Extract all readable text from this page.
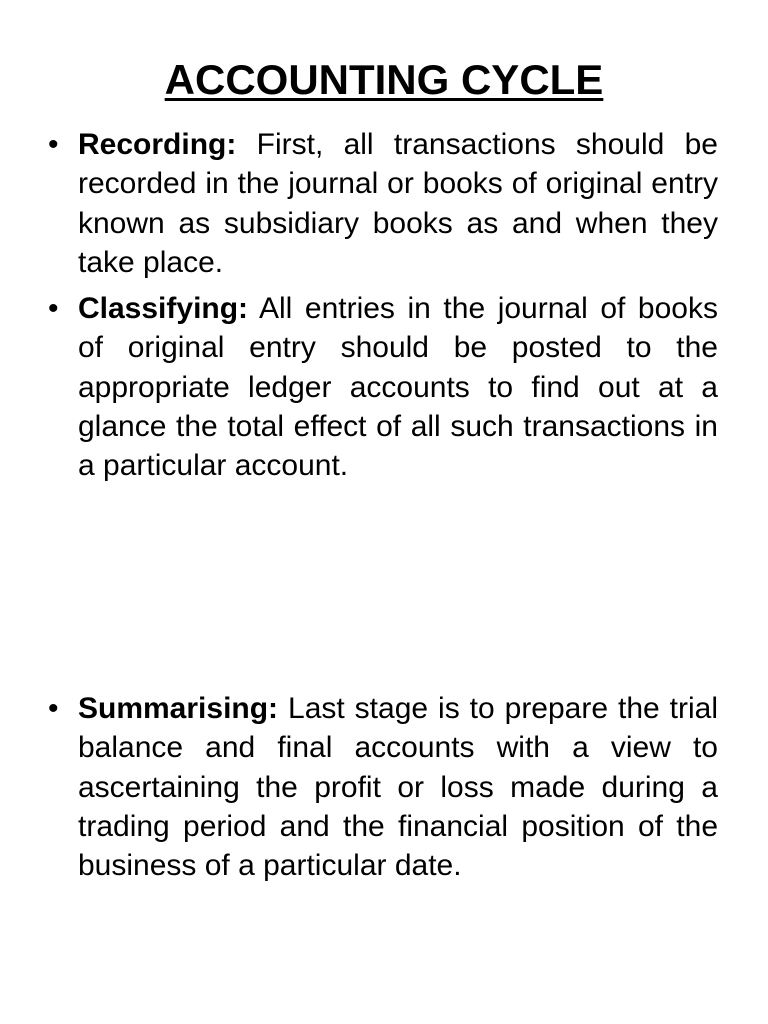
ACCOUNTING CYCLE
• Recording: First, all transactions should be recorded in the journal or books of original entry known as subsidiary books as and when they take place.
• Classifying: All entries in the journal of books of original entry should be posted to the appropriate ledger accounts to find out at a glance the total effect of all such transactions in a particular account.
• Summarising: Last stage is to prepare the trial balance and final accounts with a view to ascertaining the profit or loss made during a trading period and the financial position of the business of a particular date.
